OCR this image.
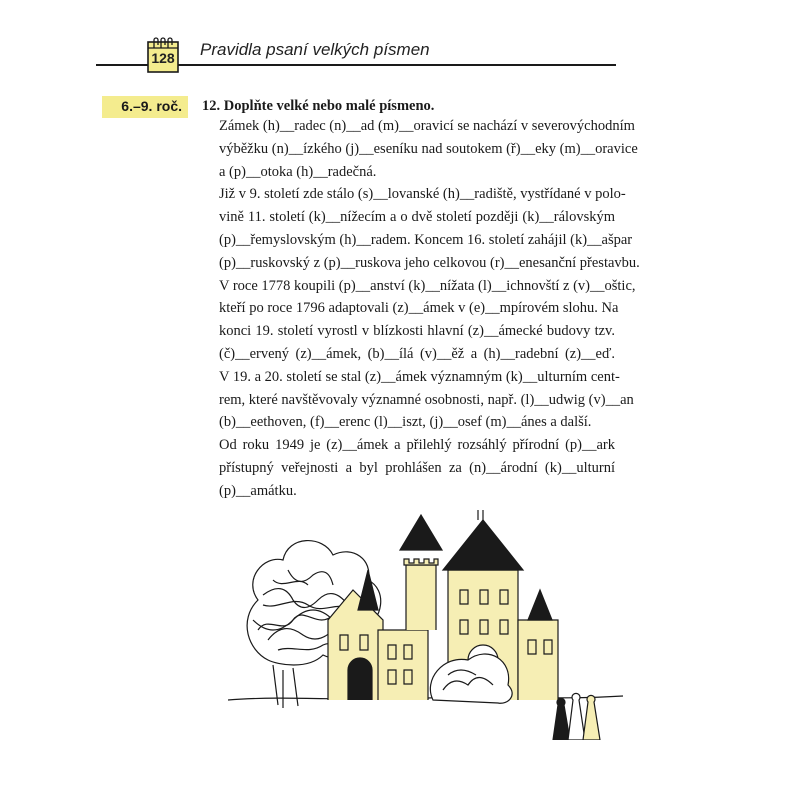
128 Pravidla psaní velkých písmen
6.–9. roč. 12. Doplňte velké nebo malé písmeno.
Zámek (h)__radec (n)__ad (m)__oravicí se nachází v severovýchodním
výběžku (n)__ízkého (j)__eseníku nad soutokem (ř)__eky (m)__oravice
a (p)__otoka (h)__radečná.
Již v 9. století zde stálo (s)__lovanské (h)__radiště, vystřídané v polo-
vině 11. století (k)__nížecím a o dvě století později (k)__rálovským
(p)__řemyslovským (h)__radem. Koncem 16. století zahájil (k)__ašpar
(p)__ruskovský z (p)__ruskova jeho celkovou (r)__enesanční přestavbu.
V roce 1778 koupili (p)__anství (k)__nížata (l)__ichnovští z (v)__oštic,
kteří po roce 1796 adaptovali (z)__ámek v (e)__mpírovém slohu. Na
konci 19. století vyrostl v blízkosti hlavní (z)__ámecké budovy tzv.
(č)__ervený (z)__ámek, (b)__ílá (v)__ěž a (h)__radební (z)__eď.
V 19. a 20. století se stal (z)__ámek významným (k)__ulturním cent-
rem, které navštěvovaly významné osobnosti, např. (l)__udwig (v)__an
(b)__eethoven, (f)__erenc (l)__iszt, (j)__osef (m)__ánes a další.
Od roku 1949 je (z)__ámek a přilehlý rozsáhlý přírodní (p)__ark
přístupný veřejnosti a byl prohlášen za (n)__árodní (k)__ulturní
(p)__amátku.
